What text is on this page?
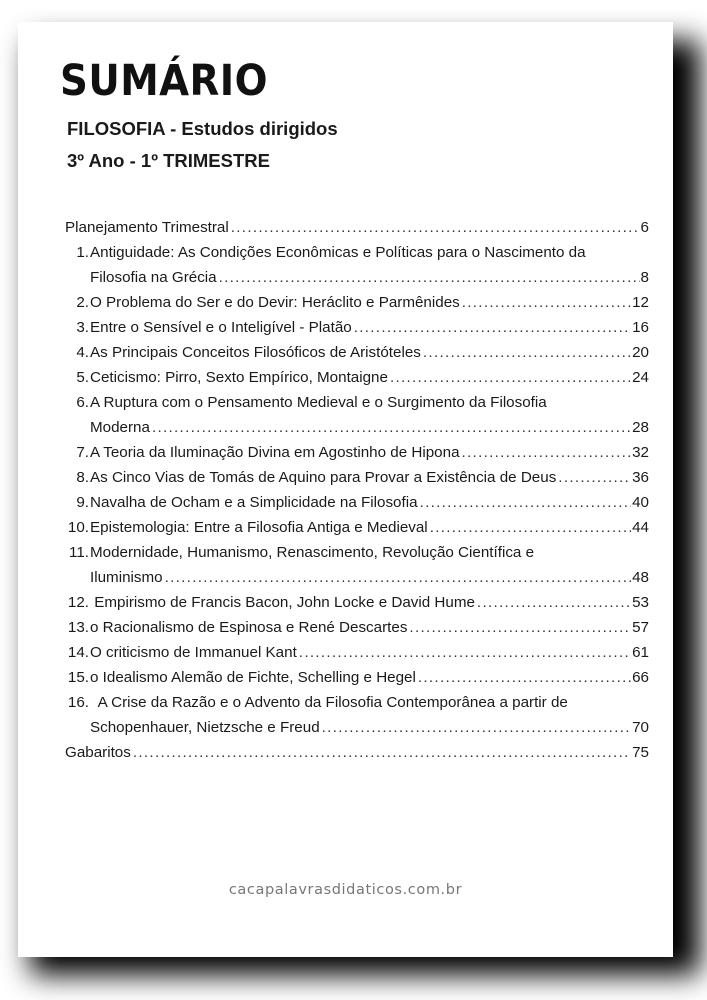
SUMÁRIO
FILOSOFIA - Estudos dirigidos
3º Ano - 1º TRIMESTRE
Planejamento Trimestral .....	6
1. Antiguidade: As Condições Econômicas e Políticas para o Nascimento da
Filosofia na Grécia .....	8
2. O Problema do Ser e do Devir: Heráclito e Parmênides .....	12
3. Entre o Sensível e o Inteligível - Platão .....	16
4. As Principais Conceitos Filosóficos de Aristóteles .....	20
5. Ceticismo: Pirro, Sexto Empírico, Montaigne .....	24
6. A Ruptura com o Pensamento Medieval e o Surgimento da Filosofia
Moderna .....	28
7. A Teoria da Iluminação Divina em Agostinho de Hipona .....	32
8. As Cinco Vias de Tomás de Aquino para Provar a Existência de Deus .....	36
9. Navalha de Ocham e a Simplicidade na Filosofia .....	40
10. Epistemologia: Entre a Filosofia Antiga e Medieval .....	44
11. Modernidade, Humanismo, Renascimento, Revolução Científica e
Iluminismo .....	48
12. Empirismo de Francis Bacon, John Locke e David Hume .....	53
13. o Racionalismo de Espinosa e René Descartes .....	57
14. O criticismo de Immanuel Kant .....	61
15. o Idealismo Alemão de Fichte, Schelling e Hegel .....	66
16. A Crise da Razão e o Advento da Filosofia Contemporânea a partir de
Schopenhauer, Nietzsche e Freud .....	70
Gabaritos .....	75
cacapalavrasdidaticos.com.br
